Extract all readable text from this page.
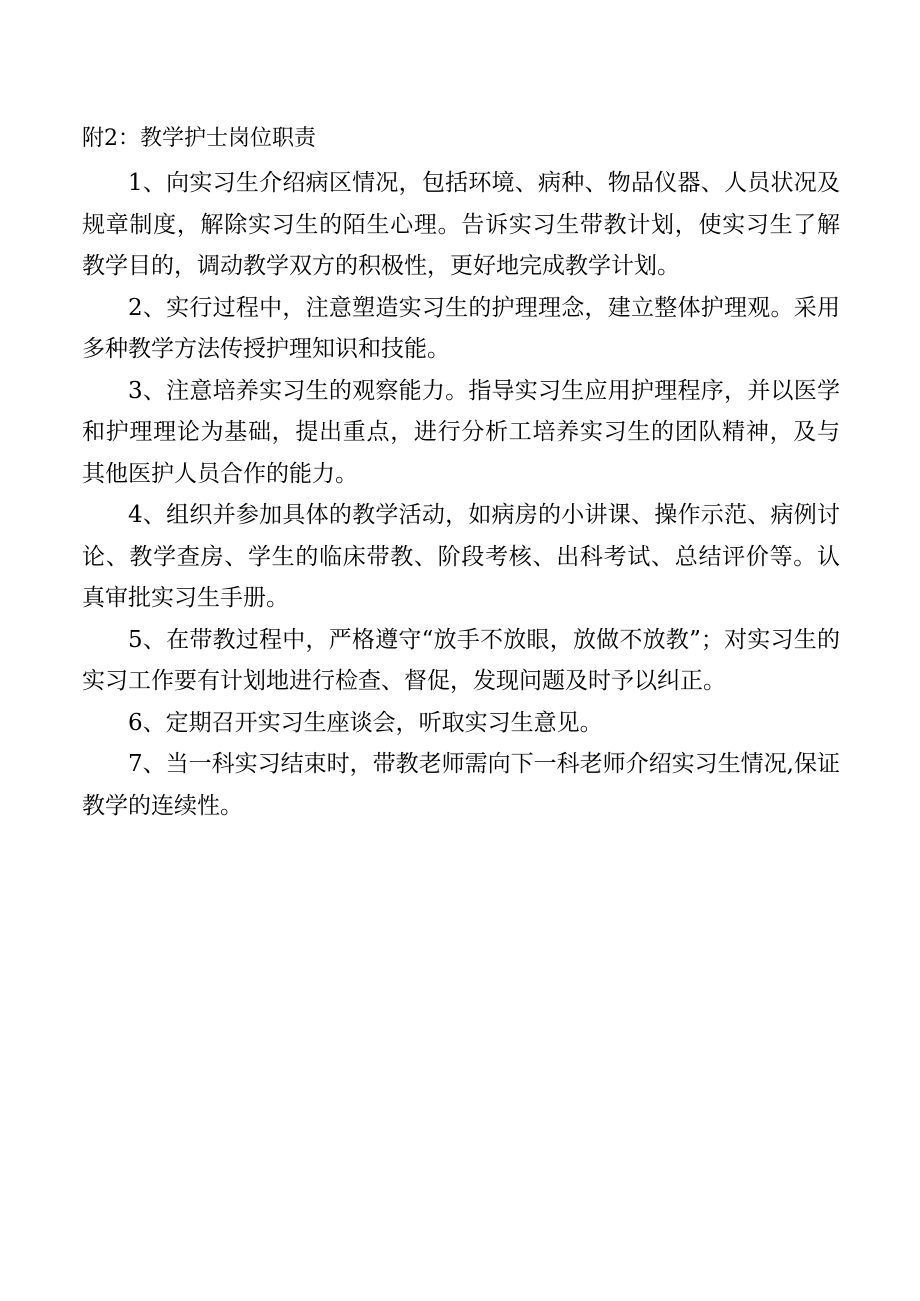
附2：教学护士岗位职责

1、向实习生介绍病区情况，包括环境、病种、物品仪器、人员状况及规章制度，解除实习生的陌生心理。告诉实习生带教计划，使实习生了解教学目的，调动教学双方的积极性，更好地完成教学计划。

2、实行过程中，注意塑造实习生的护理理念，建立整体护理观。采用多种教学方法传授护理知识和技能。

3、注意培养实习生的观察能力。指导实习生应用护理程序，并以医学和护理理论为基础，提出重点，进行分析工培养实习生的团队精神，及与其他医护人员合作的能力。

4、组织并参加具体的教学活动，如病房的小讲课、操作示范、病例讨论、教学查房、学生的临床带教、阶段考核、出科考试、总结评价等。认真审批实习生手册。

5、在带教过程中，严格遵守“放手不放眼，放做不放教”；对实习生的实习工作要有计划地进行检查、督促，发现问题及时予以纠正。

6、定期召开实习生座谈会，听取实习生意见。

7、当一科实习结束时，带教老师需向下一科老师介绍实习生情况,保证教学的连续性。
